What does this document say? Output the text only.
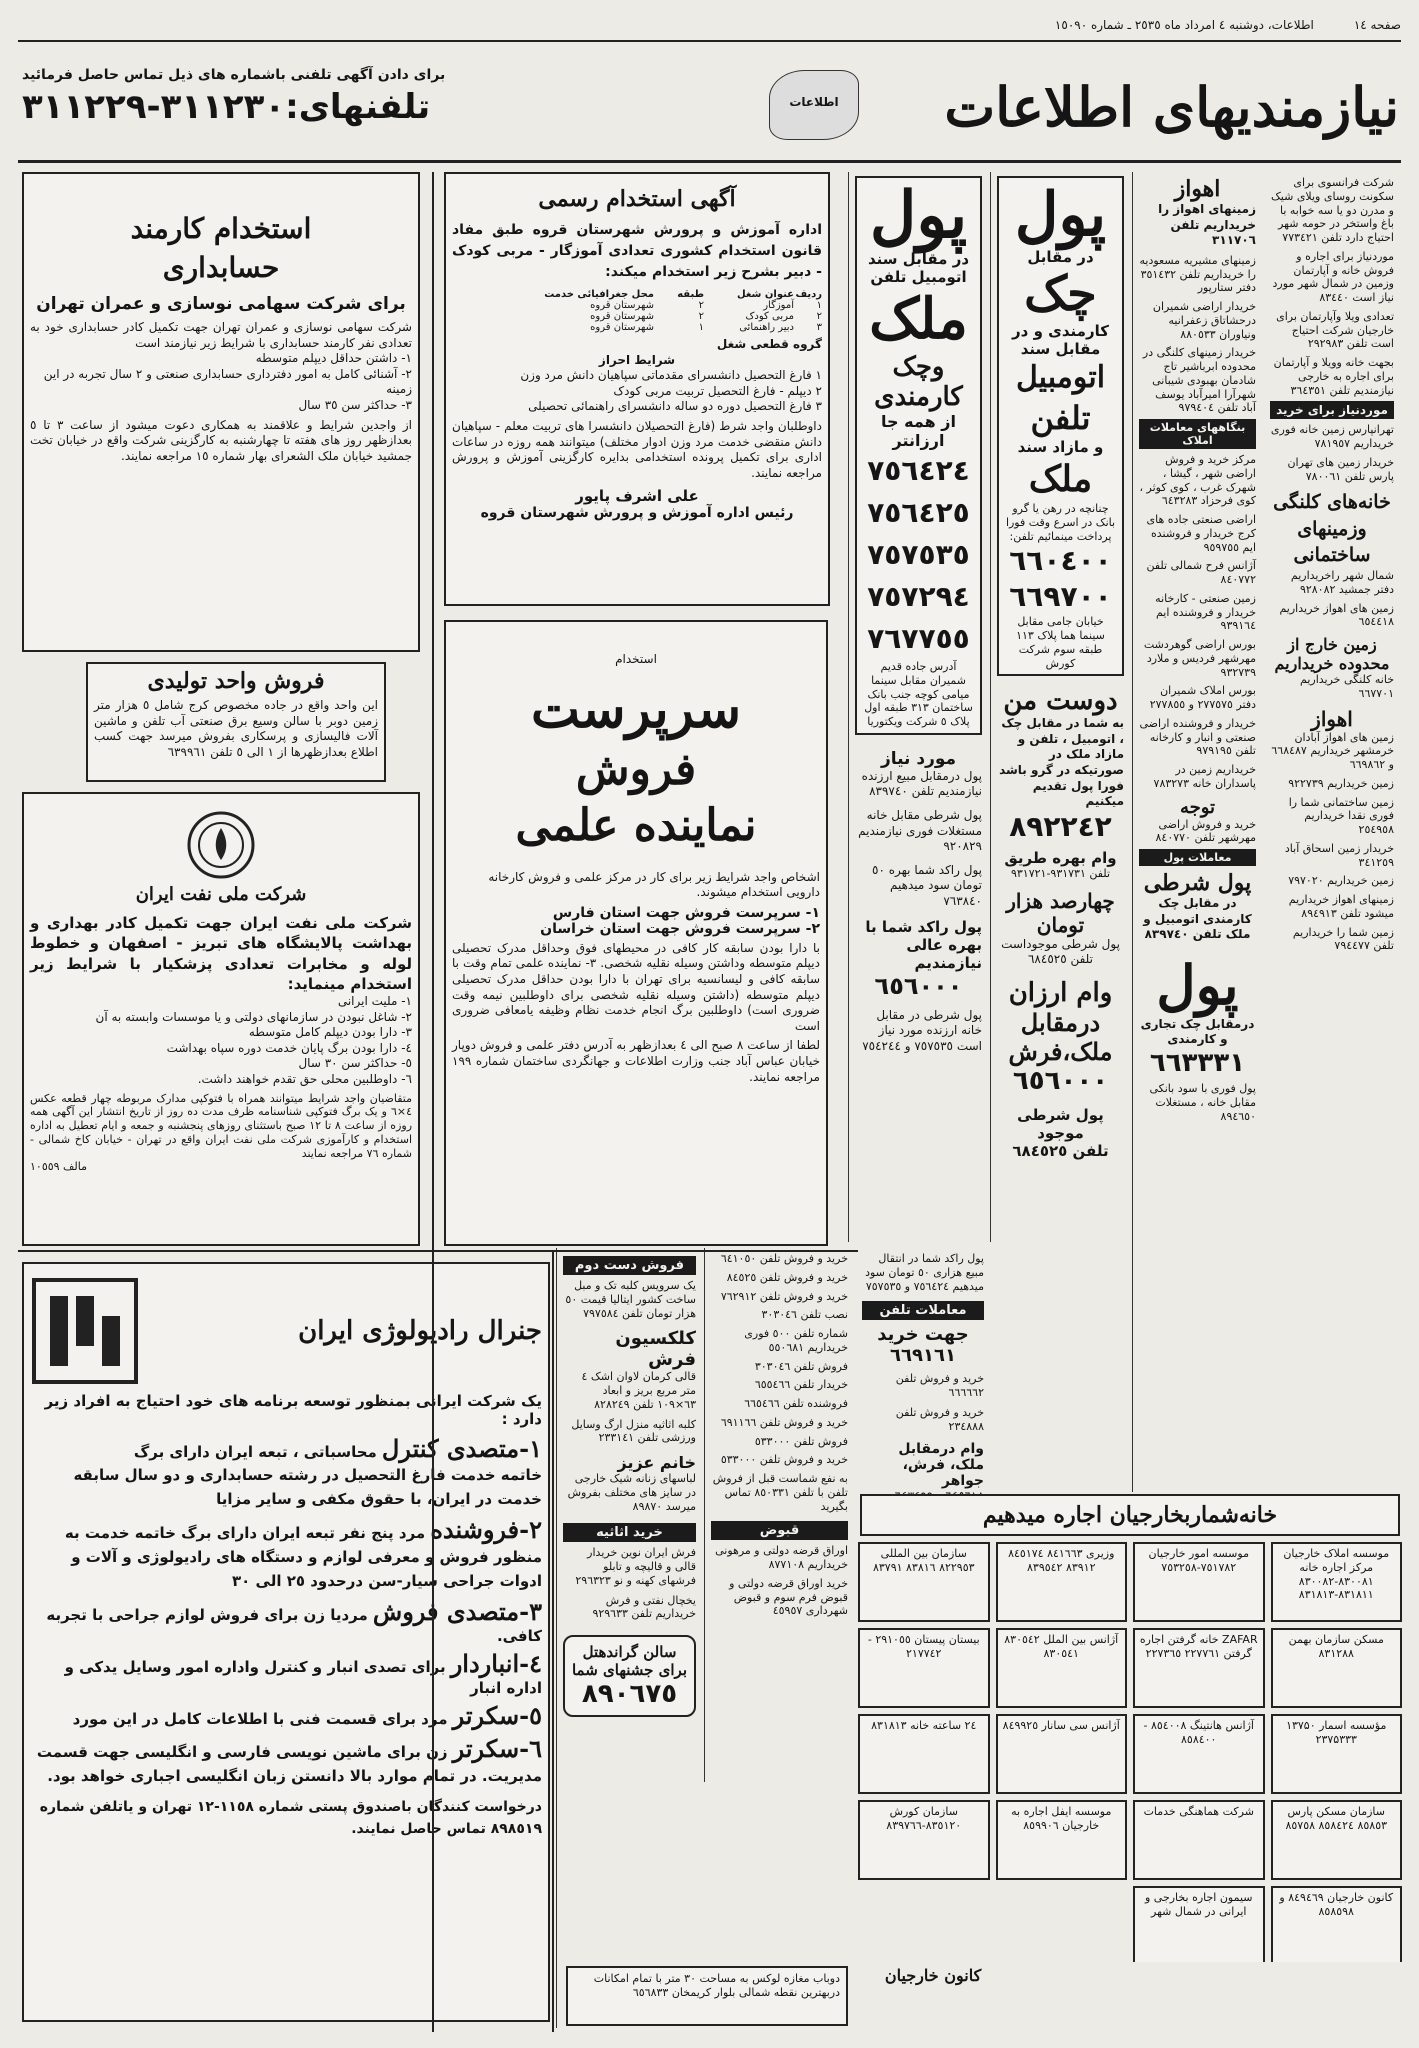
صفحه ١٤
اطلاعات، دوشنبه ٤ امرداد ماه ٢٥٣٥ ـ شماره ١٥٠٩٠
نیازمندیهای اطلاعات
اطلاعات
برای دادن آگهی تلفنی باشماره های ذیل تماس حاصل فرمائید
تلفنهای:٣١١٢٣٠-٣١١٢٢٩
استخدام کارمند
حسابداری
برای شرکت سهامی نوسازی و عمران تهران
شرکت سهامی نوسازی و عمران تهران جهت تکمیل کادر حسابداری خود به تعدادی نفر کارمند حسابداری با شرایط زیر نیازمند است
١- داشتن حداقل دیپلم متوسطه
٢- آشنائی کامل به امور دفترداری حسابداری صنعتی و ٢ سال تجربه در این زمینه
٣- حداکثر سن ٣٥ سال
از واجدین شرایط و علاقمند به همکاری دعوت میشود از ساعت ٣ تا ٥ بعدازظهر روز های هفته تا چهارشنبه به کارگزینی شرکت واقع در خیابان تخت جمشید خیابان ملک الشعرای بهار شماره ١٥ مراجعه نمایند.
فروش واحد تولیدی
این واحد واقع در جاده مخصوص کرج شامل ٥ هزار متر زمین دوبر با سالن وسیع برق صنعتی آب تلفن و ماشین آلات فالیسازی و پرسکاری بفروش میرسد جهت کسب اطلاع بعدازظهرها از ١ الی ٥ تلفن ٦٣٩٩٦١
شرکت ملی نفت ایران
شرکت ملی نفت ایران جهت تکمیل کادر بهداری و بهداشت پالایشگاه های تبریز - اصفهان و خطوط لوله و مخابرات تعدادی پزشکیار با شرایط زیر استخدام مینماید:
١- ملیت ایرانی
٢- شاغل نبودن در سازمانهای دولتی و یا موسسات وابسته به آن
٣- دارا بودن دیپلم کامل متوسطه
٤- دارا بودن برگ پایان خدمت دوره سپاه بهداشت
٥- حداکثر سن ٣٠ سال
٦- داوطلبین محلی حق تقدم خواهند داشت.
متقاضیان واجد شرایط میتوانند همراه با فتوکپی مدارک مربوطه چهار قطعه عکس ٤×٦ و یک برگ فتوکپی شناسنامه ظرف مدت ده روز از تاریخ انتشار این آگهی همه روزه از ساعت ٨ تا ١٢ صبح باستثنای روزهای پنجشنبه و جمعه و ایام تعطیل به اداره استخدام و کارآموزی شرکت ملی نفت ایران واقع در تهران - خیابان کاخ شمالی - شماره ٧٦ مراجعه نمایند
مالف ١٠٥٥٩
آگهی استخدام رسمی
اداره آموزش و پرورش شهرستان قروه طبق مفاد قانون استخدام کشوری تعدادی آموزگار - مربی کودک - دبیر بشرح زیر استخدام میکند:
ردیف
عنوان شغل
طبقه
محل جغرافیائی خدمت
١
آموزگار
٢
شهرستان قروه
٢
مربی کودک
٢
شهرستان قروه
٣
دبیر راهنمائی
١
شهرستان قروه
گروه قطعی شغل
شرایط احراز
١ فارغ التحصیل دانشسرای مقدماتی سپاهیان دانش مرد وزن
٢ دیپلم - فارغ التحصیل تربیت مربی کودک
٣ فارغ التحصیل دوره دو ساله دانشسرای راهنمائی تحصیلی
داوطلبان واجد شرط (فارغ التحصیلان دانشسرا های تربیت معلم - سپاهیان دانش منقضی خدمت مرد وزن ادوار مختلف) میتوانند همه روزه در ساعات اداری برای تکمیل پرونده استخدامی بدایره کارگزینی آموزش و پرورش مراجعه نمایند.
علی اشرف پایور
رئیس اداره آموزش و پرورش شهرستان قروه
استخدام
سرپرست
فروش
نماینده علمی
اشخاص واجد شرایط زیر برای کار در مرکز علمی و فروش کارخانه دارویی استخدام میشوند.
١- سرپرست فروش جهت استان فارس
٢- سرپرست فروش جهت استان خراسان
با دارا بودن سابقه کار کافی در محیطهای فوق وحداقل مدرک تحصیلی دیپلم متوسطه وداشتن وسیله نقلیه شخصی. ٣- نماینده علمی تمام وقت با سابقه کافی و لیسانسیه برای تهران با دارا بودن حداقل مدرک تحصیلی دیپلم متوسطه (داشتن وسیله نقلیه شخصی برای داوطلبین نیمه وقت ضروری است) داوطلبین برگ انجام خدمت نظام وظیفه یامعافی ضروری است
لطفا از ساعت ٨ صبح الی ٤ بعدازظهر به آدرس دفتر علمی و فروش دوپار خیابان عباس آباد جنب وزارت اطلاعات و جهانگردی ساختمان شماره ١٩٩ مراجعه نمایند.
جنرال رادیولوژی ایران
یک شرکت ایرانی بمنظور توسعه برنامه های خود احتیاج به افراد زیر دارد :
١-متصدی کنترل محاسباتی ، تبعه ایران دارای برگ
خاتمه خدمت فارغ التحصیل در رشته حسابداری و دو سال سابقه خدمت در ایران، با حقوق مکفی و سایر مزایا
٢-فروشنده مرد پنج نفر تبعه ایران دارای برگ خاتمه خدمت به منظور فروش و معرفی لوازم و دستگاه های رادیولوژی و آلات و ادوات جراحی سیار-سن درحدود ٢٥ الی ٣٠
٣-متصدی فروش مردیا زن برای فروش لوازم جراحی با تجربه کافی.
٤-انباردار برای تصدی انبار و کنترل واداره امور وسایل یدکی و اداره انبار
٥-سکرتر مرد برای قسمت فنی با اطلاعات کامل در این مورد
٦-سکرتر زن برای ماشین نویسی فارسی و انگلیسی جهت قسمت مدیریت. در تمام موارد بالا دانستن زبان انگلیسی اجباری خواهد بود.
درخواست کنندگان باصندوق پستی شماره ١١٥٨-١٢ تهران و یاتلفن شماره ٨٩٨٥١٩ تماس حاصل نمایند.
فروش دست دوم
یک سرویس کلبه تک و مبل ساخت کشور ایتالیا قیمت ٥٠ هزار تومان تلفن ٧٩٧٥٨٤
کلکسیون فرش
قالی کرمان لاوان اشک ٤ متر مربع بریز و ابعاد ٦٣×١٠٩ تلفن ٨٢٨٢٤٩
کلبه اثاثیه منزل ارگ وسایل ورزشی تلفن ٢٣٣١٤١
خانم عزیز
لباسهای زنانه شیک خارجی در سایز های مختلف بفروش میرسد ٨٩٨٧٠
خرید اثاثیه
فرش ایران نوین خریدار قالی و قالیچه و تابلو فرشهای کهنه و نو ٢٩٦٣٢٣
یخچال نفتی و فرش خریداریم تلفن ٩٢٩٦٣٣
سالن گراندهتل برای جشنهای شما
٨٩٠٦٧٥
خرید و فروش تلفن ٦٤١٠٥٠
خرید و فروش تلفن ٨٤٥٢٥
خرید و فروش تلفن ٧٦٢٩١٢
نصب تلفن ٣٠٣٠٤٦
شماره تلفن ٥٠٠ فوری خریداریم ٥٥٠٦٨١
فروش تلفن ٣٠٣٠٤٦
خریدار تلفن ٦٥٥٤٦٦
فروشنده تلفن ٦٦٥٤٦٦
خرید و فروش تلفن ٦٩١١٦٦
فروش تلفن ٥٣٣٠٠٠
خرید و فروش تلفن ٥٣٣٠٠٠
به نفع شماست قبل از فروش تلفن با تلفن ٨٥٠٣٣١ تماس بگیرید
قبوض
اوراق قرضه دولتی و مرهونی خریداریم ٨٧٧١٠٨
خرید اوراق قرضه دولتی و قبوض فرم سوم و قبوض شهرداری ٤٥٩٥٧
دوباب مغازه لوکس به مساحت ٣٠ متر با تمام امکانات دربهترین نقطه شمالی بلوار کریمخان ٦٥٦٨٣٣
کانون خارجیان
پول
در مقابل سند اتومبیل تلفن
ملک
وچک
کارمندی
از همه جا ارزانتر
٧٥٦٤٢٤
٧٥٦٤٢٥
٧٥٧٥٣٥
٧٥٧٢٩٤
٧٦٧٧٥٥
آدرس جاده قدیم شمیران مقابل سینما میامی کوچه جنب بانک ساختمان ٣١٣ طبقه اول پلاک ٥ شرکت ویکتوریا
مورد نیاز
پول درمقابل مبیع ارزنده نیازمندیم تلفن ٨٣٩٧٤٠
پول شرطی مقابل خانه مستغلات فوری نیازمندیم ٩٢٠٨٢٩
پول راکد شما بهره ٥٠ تومان سود میدهیم ٧٦٣٨٤٠
پول راکد شما با بهره عالی نیازمندیم
٦٥٦٠٠٠
پول شرطی در مقابل خانه ارزنده مورد نیاز است ٧٥٧٥٣٥ و ٧٥٤٢٤٤
پول
در مقابل
چک
کارمندی و در مقابل سند
اتومبیل
تلفن
و مازاد سند
ملک
چنانچه در رهن یا گرو بانک در اسرع وقت فورا پرداخت مینمائیم تلفن:
٦٦٠٤٠٠
٦٦٩٧٠٠
خیابان جامی مقابل سینما هما پلاک ١١٣ طبقه سوم شرکت کورش
دوست من
به شما در مقابل چک ، اتومبیل ، تلفن و مازاد ملک در صورتیکه در گرو باشد فورا پول تقدیم میکنیم
٨٩٢٢٤٢
وام بهره طریق
تلفن ٩٣١٧٣١-٩٣١٧٢١
چهارصد هزار تومان
پول شرطی موجوداست تلفن ٦٨٤٥٢٥
وام ارزان
درمقابل
ملک،فرش
٦٥٦٠٠٠
پول شرطی موجود
تلفن ٦٨٤٥٢٥
پول راکد شما در انتقال مبیع هزاری ٥٠ تومان سود میدهیم ٧٥٦٤٢٤ و ٧٥٧٥٣٥
معاملات تلفن
جهت خرید ٦٦٩١٦١
خرید و فروش تلفن ٦٦٦٦٦٢
خرید و فروش تلفن ٢٣٤٨٨٨
وام درمقابل ملک، فرش، جواهر
اهواز
زمینهای اهواز را خریداریم تلفن ٣١١٧٠٦
زمینهای مشیریه مسعودیه را خریداریم تلفن ٣٥١٤٣٢ دفتر ستارپور
خریدار اراضی شمیران درحشاتاق زعفرانیه ونیاوران ٨٨٠٥٣٣
خریدار زمینهای کلنگی در محدوده ابرباشیر تاج شادمان بهبودی شیبانی شهرآرا امیرآباد یوسف آباد تلفن ٩٧٩٤٠٤
بنگاههای معاملات املاک
مرکز خرید و فروش اراضی شهر ، گیشا ، شهرک غرب ، کوی کوثر ، کوی فرحزاد ٦٤٣٢٨٣
اراضی صنعتی جاده های کرج خریدار و فروشنده ایم ٩٥٩٧٥٥
آژانس فرح شمالی تلفن ٨٤٠٧٧٢
زمین صنعتی - کارخانه خریدار و فروشنده ایم ٩٣٩١٦٤
بورس اراضی گوهردشت مهرشهر فردیس و ملارد ٩٣٢٧٣٩
بورس املاک شمیران دفتر ٢٧٧٥٧٥ و ٢٧٧٨٥٥
خریدار و فروشنده اراضی صنعتی و انبار و کارخانه تلفن ٩٧٩١٩٥
خریداریم زمین در پاسداران خانه ٧٨٣٢٧٣
توجه
خرید و فروش اراضی مهرشهر تلفن ٨٤٠٧٧٠
معاملات پول
پول شرطی
در مقابل چک کارمندی اتومبیل و ملک تلفن ٨٣٩٧٤٠
پول
درمقابل چک تجاری و کارمندی
٦٦٣٣٣١
پول فوری با سود بانکی مقابل خانه ، مستغلات ٨٩٤٦٥٠
شرکت فرانسوی برای سکونت روسای ویلای شیک و مدرن دو یا سه خوابه با باغ واستخر در حومه شهر احتیاج دارد تلفن ٧٧٣٤٢١
موردنیاز برای اجاره و فروش خانه و آپارتمان وزمین در شمال شهر مورد نیاز است ٨٣٤٤٠
تعدادی ویلا وآپارتمان برای خارجیان شرکت احتیاج است تلفن ٢٩٢٩٨٣
بجهت خانه وویلا و آپارتمان برای اجاره به خارجی نیازمندیم تلفن ٣٦٤٣٥١
موردنیاز برای خرید
تهرانپارس زمین خانه فوری خریداریم ٧٨١٩٥٧
خریدار زمین های تهران پارس تلفن ٧٨٠٠٦١
خانه‌های کلنگی وزمینهای ساختمانی
شمال شهر راخریداریم دفتر جمشید ٩٢٨٠٨٢
زمین های اهواز خریداریم ٦٥٤٤١٨
زمین خارج از محدوده خریداریم
خانه کلنگی خریداریم ٦٦٧٧٠١
اهواز
زمین های اهواز آبادان خرمشهر خریداریم ٦٦٨٤٨٧ و ٦٦٩٨٦٢
زمین خریداریم ٩٢٢٧٣٩
زمین ساختمانی شما را فوری نقدا خریداریم ٢٥٤٩٥٨
خریدار زمین اسحاق آباد ٣٤١٢٥٩
زمین خریداریم ٧٩٧٠٢٠
زمینهای اهواز خریداریم میشود تلفن ٨٩٤٩١٣
زمین شما را خریداریم تلفن ٧٩٤٤٧٧
خانه‌شماربخارجیان اجاره میدهیم
موسسه املاک خارجیان مرکز اجاره خانه ٨٣٠٠٨١-٨٣٠٠٨٢ ٨٣١٨١١-٨٣١٨١٣
موسسه امور خارجیان ٧٥١٧٨٢-٧٥٣٢٥٨
وزیری ٨٤١٦٦٣ ٨٤٥١٧٤ ٨٣٩١٢ ٨٣٩٥٤٢
سازمان بین المللی ٨٢٢٩٥٣ ٨٣٨١٦ ٨٣٧٩١
مسکن سازمان بهمن ٨٣١٢٨٨
ZAFAR خانه گرفتن اجاره گرفتن ٢٢٧٧٦١ ٢٢٧٣٦٥
آژانس بین الملل ٨٣٠٥٤٢ ٨٣٠٥٤١
بیستان پیستان ٢٩١٠٥٥ - ٢١٧٧٤٢
مؤسسه اسمار ۱۳۷۵۰ ۲۳۷۵۳۳۳
آژانس هانتینگ ٨٥٤٠٠٨ - ٨٥٨٤٠٠
آژانس سی سانار ٨٤٩٩٢٥
٢٤ ساعته خانه ٨٣١٨١٣
سازمان مسکن پارس ٨٥٨٥٣ ٨٥٨٤٢٤ ٨٥٧٥٨
شرکت هماهنگی خدمات
موسسه ایفل اجاره به خارجیان ٨٥٩٩٠٦
سازمان کورش ٨٣٥١٢٠-٨٣٩٧٦٦
کانون خارجیان ٨٤٩٤٦٩ و ٨٥٨٥٩٨
سیمون اجاره بخارجی و ایرانی در شمال شهر
